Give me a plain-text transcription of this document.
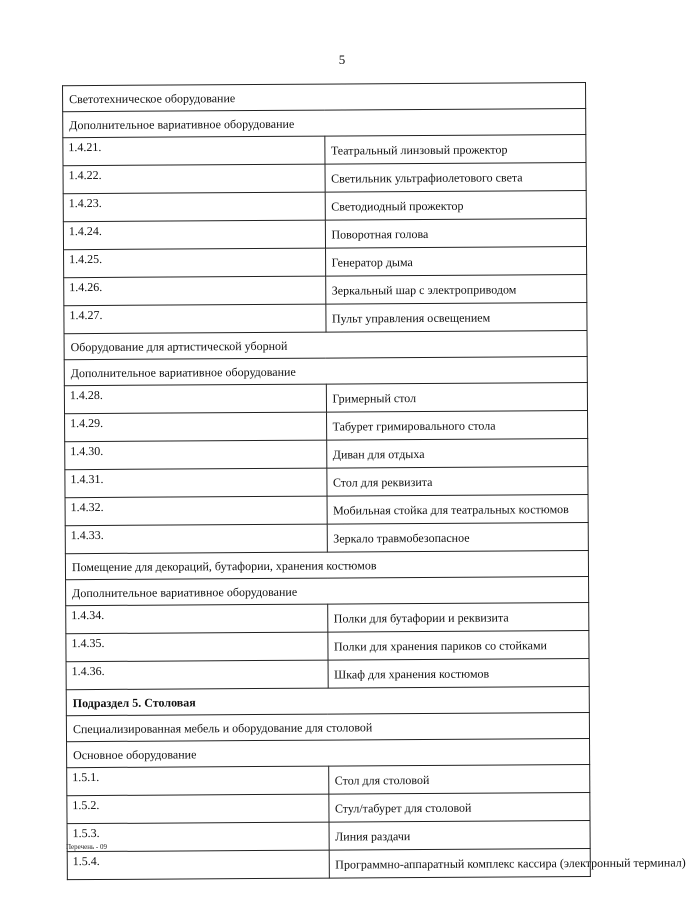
5
Светотехническое оборудование	
Дополнительное вариативное оборудование	
1.4.21.	Театральный линзовый прожектор
1.4.22.	Светильник ультрафиолетового света
1.4.23.	Светодиодный прожектор
1.4.24.	Поворотная голова
1.4.25.	Генератор дыма
1.4.26.	Зеркальный шар с электроприводом
1.4.27.	Пульт управления освещением
Оборудование для артистической уборной	
Дополнительное вариативное оборудование	
1.4.28.	Гримерный стол
1.4.29.	Табурет гримировального стола
1.4.30.	Диван для отдыха
1.4.31.	Стол для реквизита
1.4.32.	Мобильная стойка для театральных костюмов
1.4.33.	Зеркало травмобезопасное
Помещение для декораций, бутафории, хранения костюмов	
Дополнительное вариативное оборудование	
1.4.34.	Полки для бутафории и реквизита
1.4.35.	Полки для хранения париков со стойками
1.4.36.	Шкаф для хранения костюмов
Подраздел 5. Столовая	
Специализированная мебель и оборудование для столовой	
Основное оборудование	
1.5.1.	Стол для столовой
1.5.2.	Стул/табурет для столовой
1.5.3.	Линия раздачи
1.5.4.	Программно-аппаратный комплекс кассира (электронный терминал)
Перечень - 09
